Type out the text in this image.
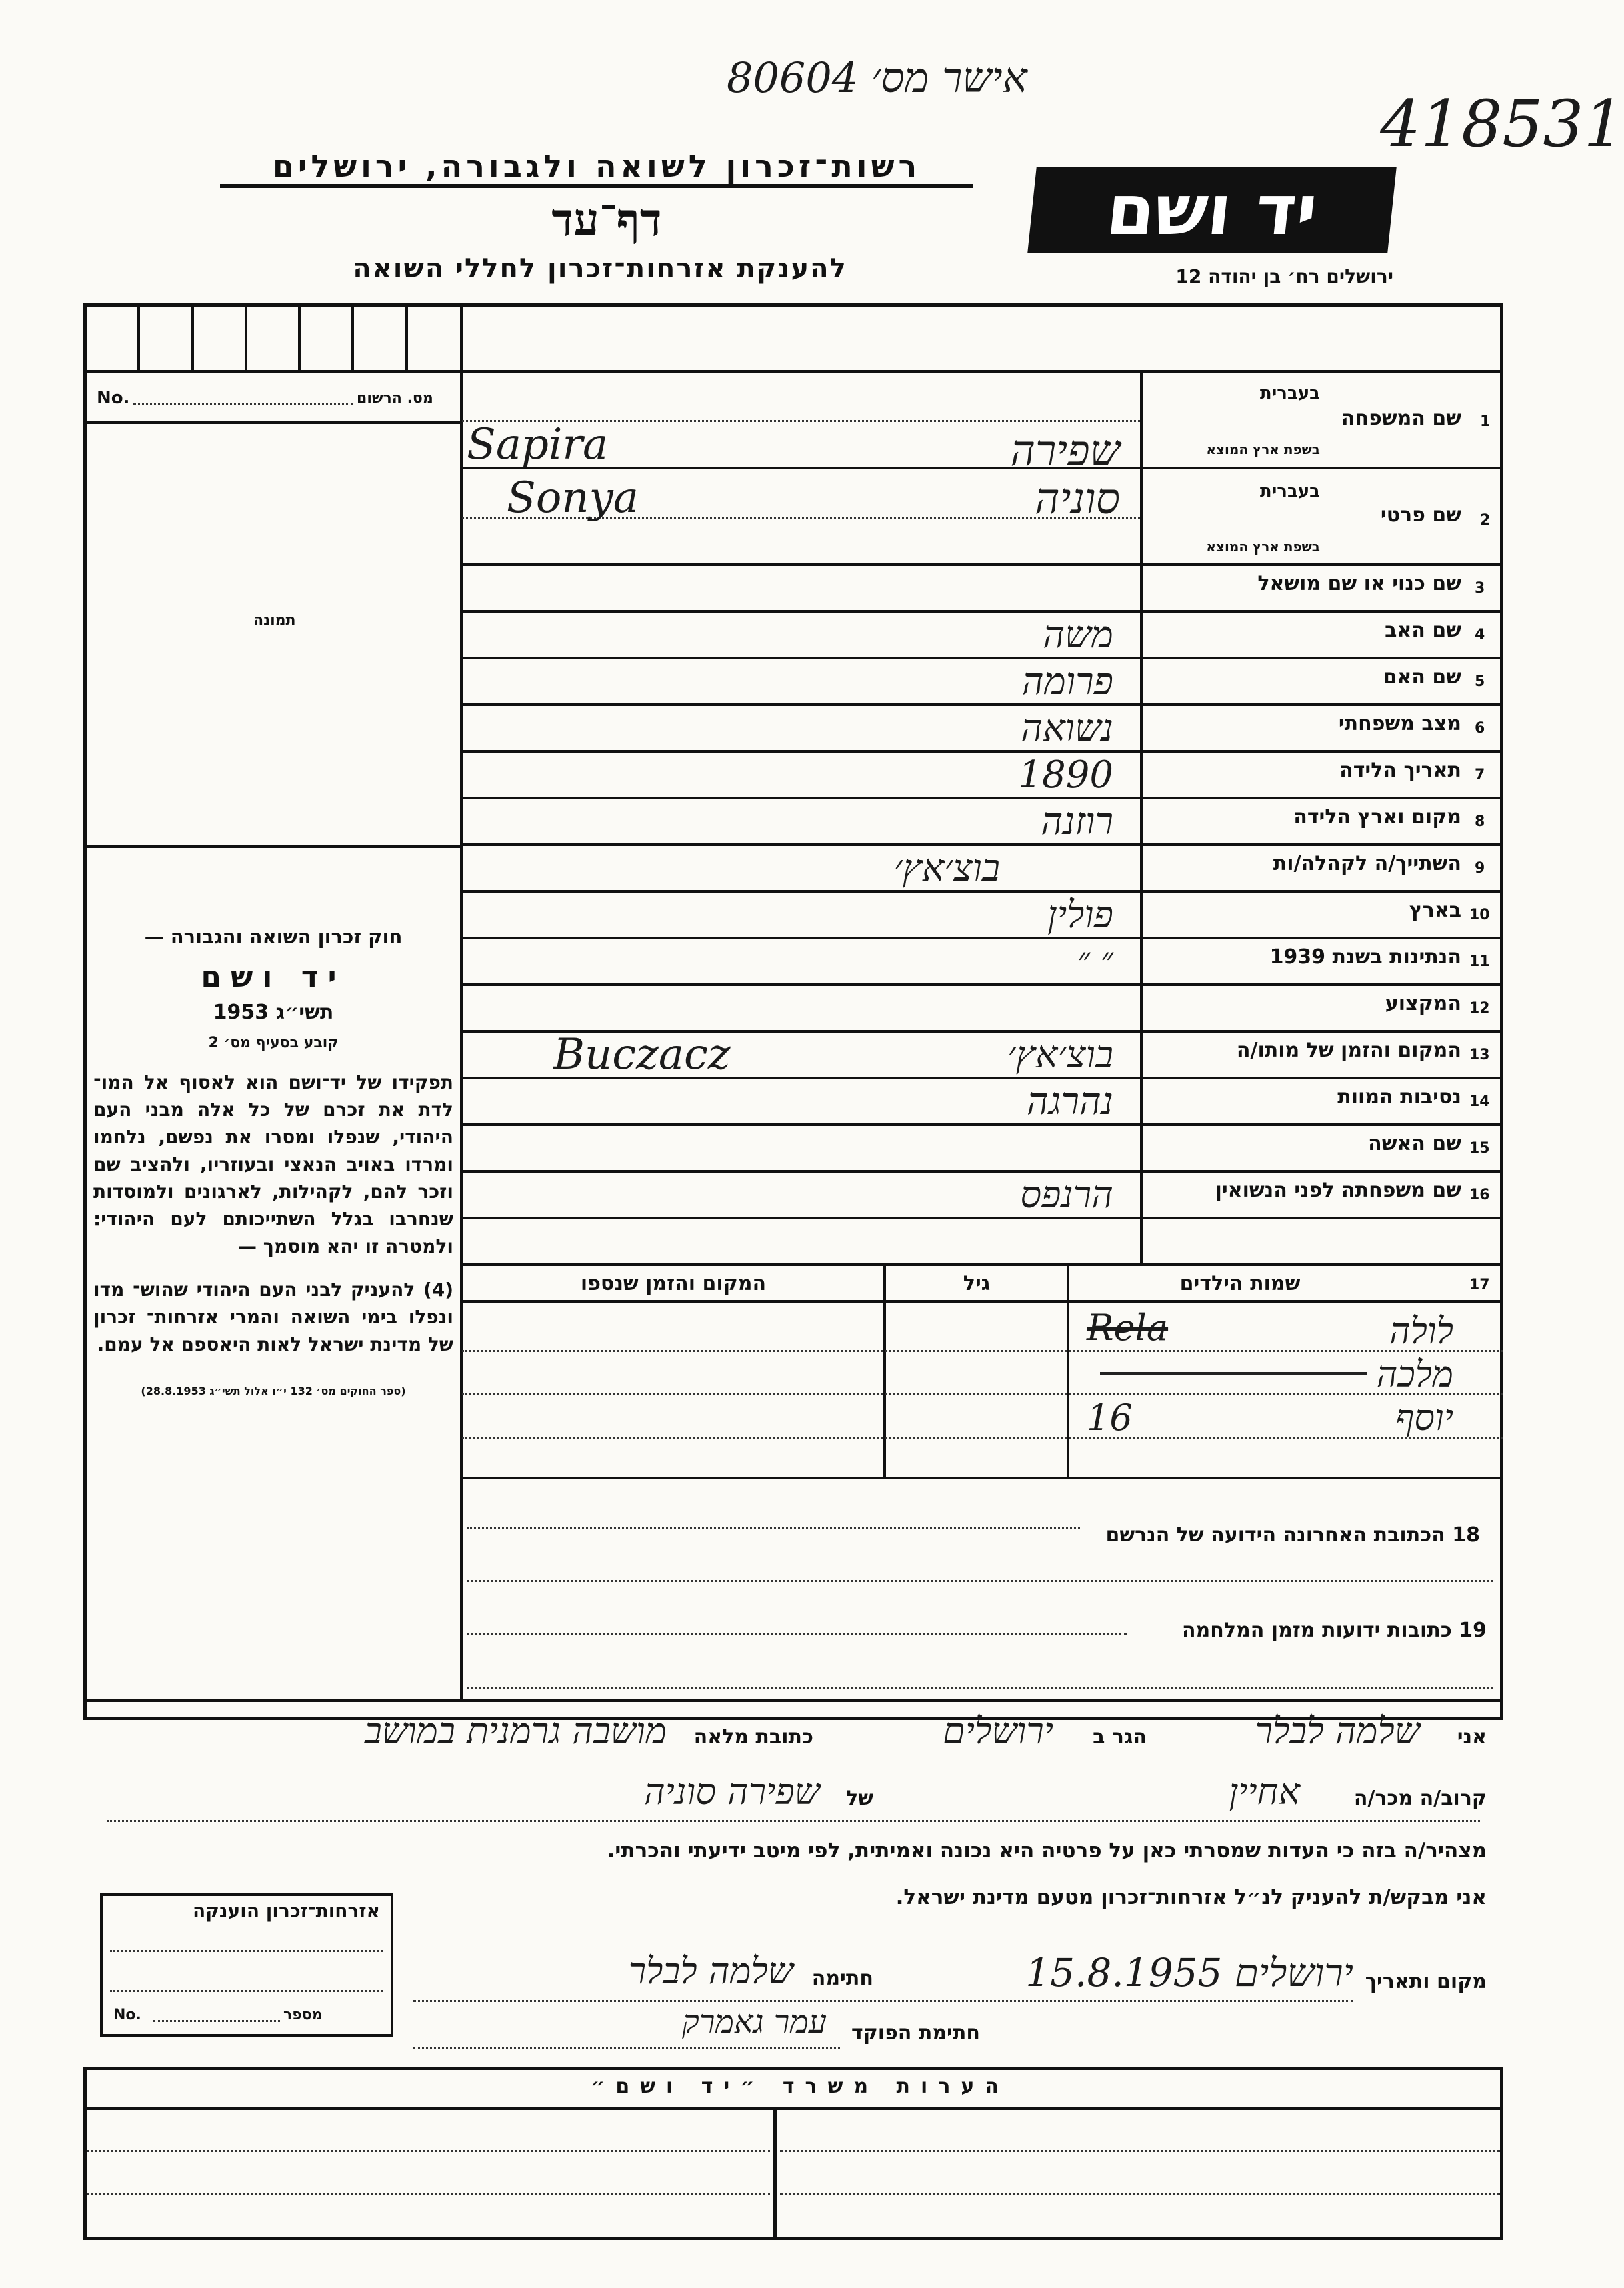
80604 אישר מס׳
418531
רשות־זכרון לשואה ולגבורה, ירושלים
דף־עד
להענקת אזרחות־זכרון לחללי השואה
יד ושם
ירושלים רח׳ בן יהודה 12
No.	מס. הרשום
תמונה

חוק זכרון השואה והגבורה —

יד ושם

תשי״ג 1953

קובע בסעיף מס׳ 2

תפקידו של יד־ושם הוא לאסוף אל המו־ לדת את זכרם של כל אלה מבני העם היהודי, שנפלו ומסרו את נפשם, נלחמו ומרדו באויב הנאצי ובעוזריו, ולהציב שם וזכר להם, לקהילות, לארגונים ולמוסדות שנחרבו בגלל השתייכותם לעם היהודי: ולמטרה זו יהא מוסמך —

(4) להעניק לבני העם היהודי שהוש־ מדו ונפלו בימי השואה והמרי אזרחות־ זכרון של מדינת ישראל לאות היאספם אל עמם.

(ספר החוקים מס׳ 132 י״ו אלול תשי״ג 28.8.1953)

1
שם המשפחה
בעברית
בשפת ארץ המוצא
שפירה
Sapira
2
שם פרטי
בעברית
בשפת ארץ המוצא
סוניה
Sonya
3
שם כנוי או שם מושאל
4
שם האב
משה
5
שם האם
פרומה
6
מצב משפחתי
נשואה
7
תאריך הלידה
1890
8
מקום וארץ הלידה
רוזנה
9
השתייך/ה לקהלה/ות
בוצ׳אץ׳
10
בארץ
פולין
11
הנתינות בשנת 1939
״ ״
12
המקצוע
13
המקום והזמן של מותו/ה
בוצ׳אץ׳
Buczacz
14
נסיבות המוות
נהרגה
15
שם האשה
16
שם משפחתה לפני הנשואין
הרנפס
17
שמות הילדים
גיל
המקום והזמן שנספו
לולה
Rela
מלכה
יוסף
16
18 הכתובת האחרונה הידועה של הנרשם
19 כתובות ידועות מזמן המלחמה
אני
שלמה לבלר
הגר ב
ירושלים
כתובת מלאה
מושבה גרמנית במושב
קרוב/ה מכר/ה
אחיין
של
שפירה סוניה
מצהיר/ה בזה כי העדות שמסרתי כאן על פרטיה היא נכונה ואמיתית, לפי מיטב ידיעתי והכרתי.
אני מבקש/ת להעניק לנ״ל אזרחות־זכרון מטעם מדינת ישראל.
מקום ותאריך
ירושלים 15.8.1955
חתימה
שלמה לבלר
חתימת הפוקד
עמר גאמרק
אזרחות־זכרון הוענקה
No.	מספר
הערות משרד ״יד ושם״
